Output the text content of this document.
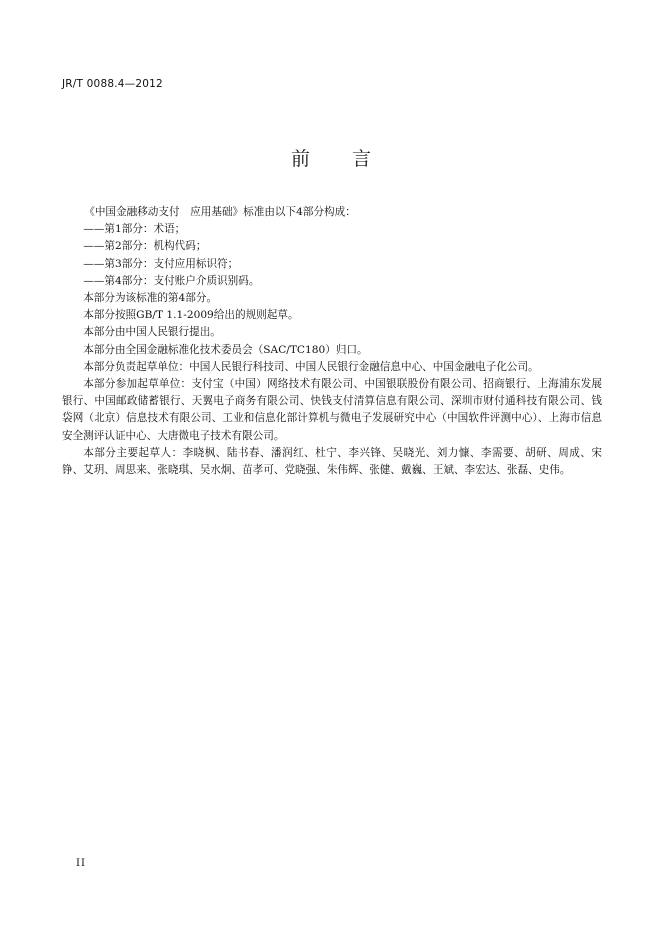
JR/T 0088.4—2012
前 言

《中国金融移动支付　应用基础》标准由以下4部分构成：

——第1部分：术语；

——第2部分：机构代码；

——第3部分：支付应用标识符；

——第4部分：支付账户介质识别码。

本部分为该标准的第4部分。

本部分按照GB/T 1.1-2009给出的规则起草。

本部分由中国人民银行提出。

本部分由全国金融标准化技术委员会（SAC/TC180）归口。

本部分负责起草单位：中国人民银行科技司、中国人民银行金融信息中心、中国金融电子化公司。

本部分参加起草单位：支付宝（中国）网络技术有限公司、中国银联股份有限公司、招商银行、上海浦东发展银行、中国邮政储蓄银行、天翼电子商务有限公司、快钱支付清算信息有限公司、深圳市财付通科技有限公司、钱袋网（北京）信息技术有限公司、工业和信息化部计算机与微电子发展研究中心（中国软件评测中心）、上海市信息安全测评认证中心、大唐微电子技术有限公司。

本部分主要起草人：李晓枫、陆书春、潘润红、杜宁、李兴锋、吴晓光、刘力慷、李需要、胡研、周成、宋铮、艾玥、周思来、张晓琪、吴水炯、苗孝可、党晓强、朱伟辉、张健、戴巍、王斌、李宏达、张磊、史伟。

II
